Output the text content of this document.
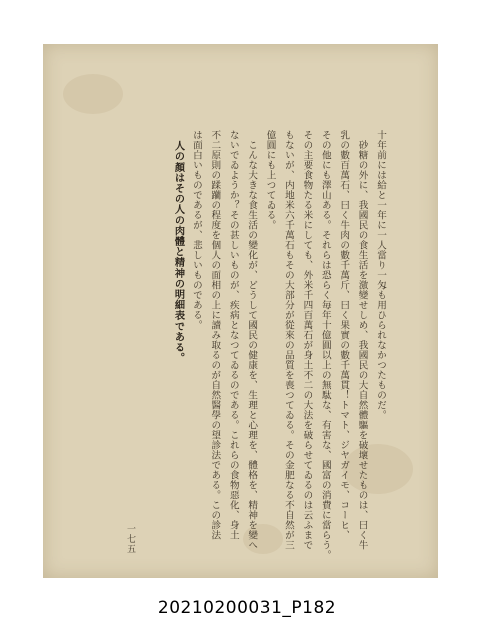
十年前には給と一年に一人當り一匁も用ひられなかつたものだ。

　砂糖の外に、我國民の食生活を激變せしめ、我國民の大自然體驅を破壞せたものは、曰く牛

乳の數百萬石、曰く牛肉の數千萬斤、曰く果實の數千萬貫！トマト、ジヤガイモ、コーヒ、

その他にも澤山ある。それらは恐らく毎年十億圓以上の無駄な、有害な、國富の消費に當らう。

その主要食物たる米にしても、外米千四百萬石が身土不二の大法を破らせてゐるのは云ふまで

もないが、内地米六千萬石もその大部分が從來の品質を喪つてゐる。その金肥なる不自然が三

億圓にも上つてゐる。

　こんな大きな食生活の變化が、どうして國民の健康を、生理と心理を、體格を、精神を變へ

ないでゐようか？その甚しいものが、疾病となつてゐるのである。これらの食物惡化、身土

不二原則の蹂躪の程度を個人の面相の上に讀み取るのが自然醫學の望診法である。この診法

は面白いものであるが、悲しいものである。

　人の顏はその人の肉體と精神の明細表である。

一七五
20210200031_P182
